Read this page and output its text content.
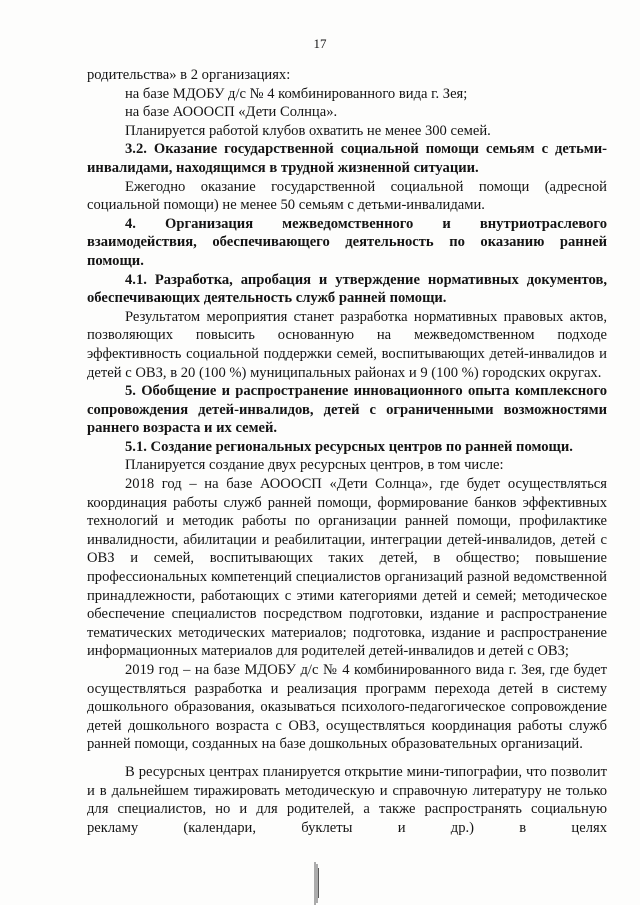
17

родительства» в 2 организациях:

на базе МДОБУ д/с № 4 комбинированного вида г. Зея;

на базе АОООСП «Дети Солнца».

Планируется работой клубов охватить не менее 300 семей.

3.2. Оказание государственной социальной помощи семьям с детьми-инвалидами, находящимся в трудной жизненной ситуации.

Ежегодно оказание государственной социальной помощи (адресной социальной помощи) не менее 50 семьям с детьми-инвалидами.

4. Организация межведомственного и внутриотраслевого взаимодействия, обеспечивающего деятельность по оказанию ранней помощи.

4.1. Разработка, апробация и утверждение нормативных документов, обеспечивающих деятельность служб ранней помощи.

Результатом мероприятия станет разработка нормативных правовых актов, позволяющих повысить основанную на межведомственном подходе эффективность социальной поддержки семей, воспитывающих детей-инвалидов и детей с ОВЗ, в 20 (100 %) муниципальных районах и 9 (100 %) городских округах.

5. Обобщение и распространение инновационного опыта комплексного сопровождения детей-инвалидов, детей с ограниченными возможностями раннего возраста и их семей.

5.1. Создание региональных ресурсных центров по ранней помощи.

Планируется создание двух ресурсных центров, в том числе:

2018 год – на базе АОООСП «Дети Солнца», где будет осуществляться координация работы служб ранней помощи, формирование банков эффективных технологий и методик работы по организации ранней помощи, профилактике инвалидности, абилитации и реабилитации, интеграции детей-инвалидов, детей с ОВЗ и семей, воспитывающих таких детей, в общество; повышение профессиональных компетенций специалистов организаций разной ведомственной принадлежности, работающих с этими категориями детей и семей; методическое обеспечение специалистов посредством подготовки, издание и распространение тематических методических материалов; подготовка, издание и распространение информационных материалов для родителей детей-инвалидов и детей с ОВЗ;

2019 год – на базе МДОБУ д/с № 4 комбинированного вида г. Зея, где будет осуществляться разработка и реализация программ перехода детей в систему дошкольного образования, оказываться психолого-педагогическое сопровождение детей дошкольного возраста с ОВЗ, осуществляться координация работы служб ранней помощи, созданных на базе дошкольных образовательных организаций.

В ресурсных центрах планируется открытие мини-типографии, что позволит и в дальнейшем тиражировать методическую и справочную литературу не только для специалистов, но и для родителей, а также распространять социальную рекламу (календари, буклеты и др.) в целях
